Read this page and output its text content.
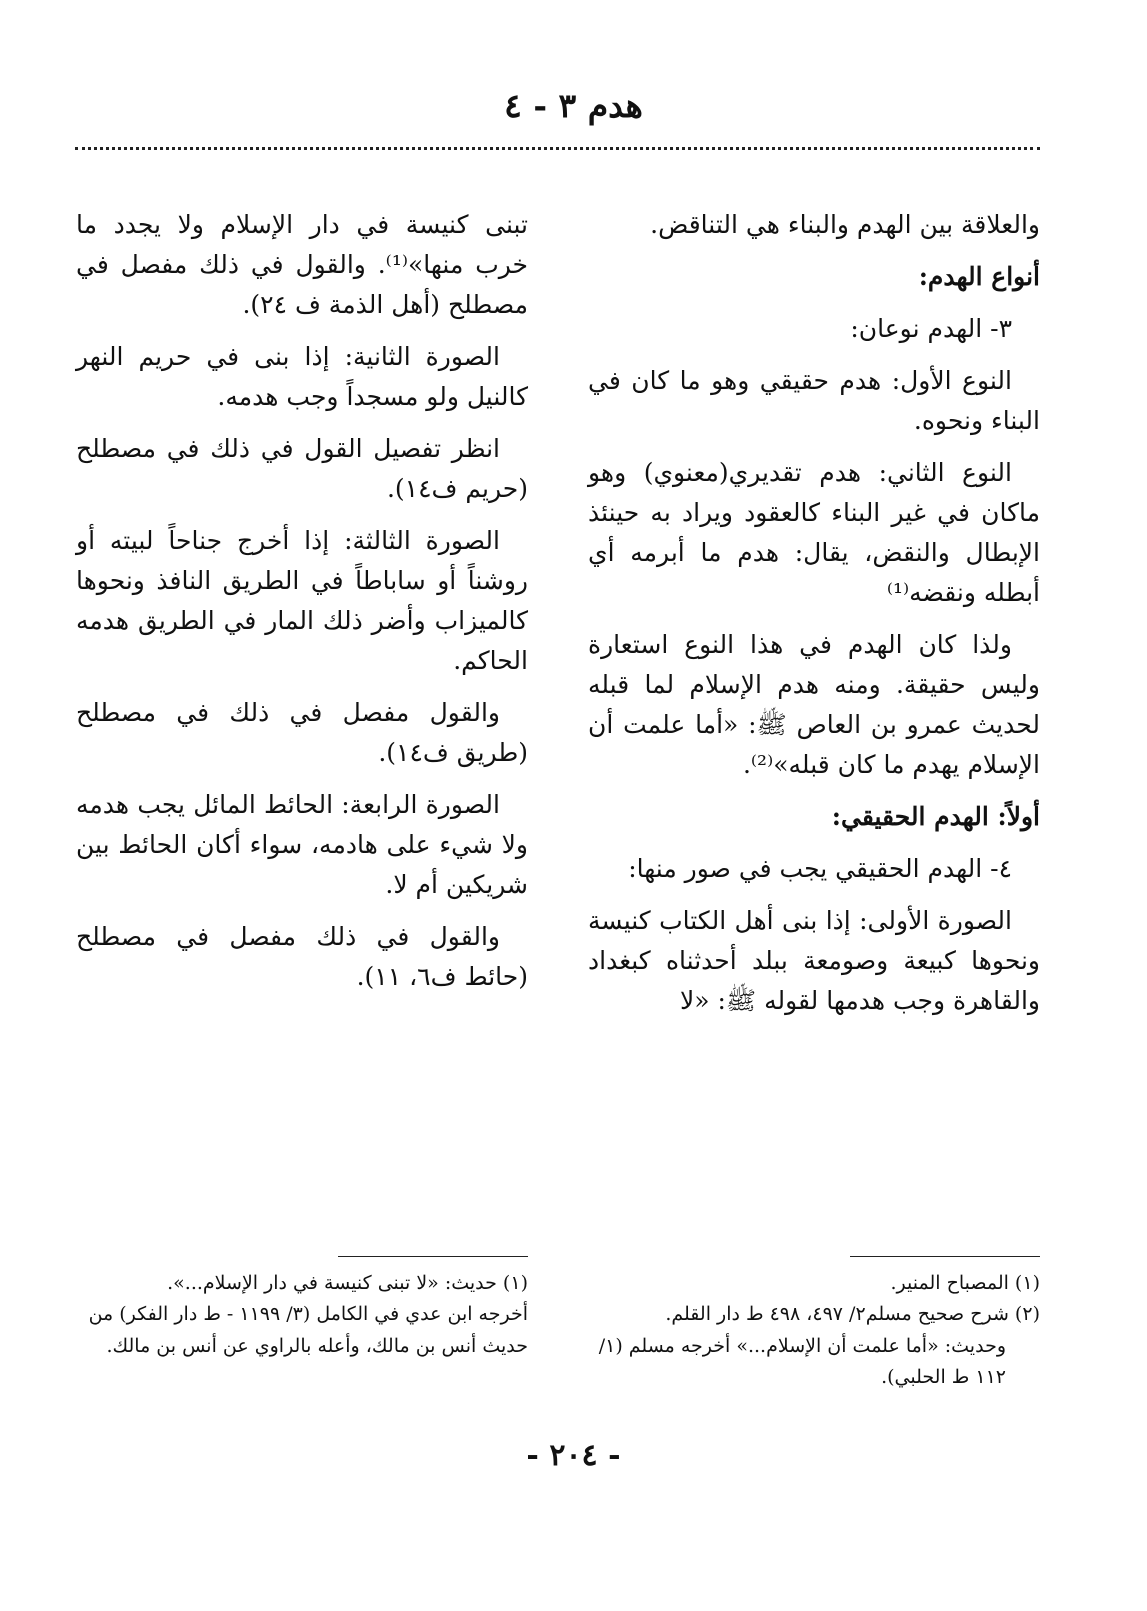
هدم ٣ - ٤

والعلاقة بين الهدم والبناء هي التناقض.

أنواع الهدم:

٣- الهدم نوعان:

النوع الأول: هدم حقيقي وهو ما كان في البناء ونحوه.

النوع الثاني: هدم تقديري(معنوي) وهو ماكان في غير البناء كالعقود ويراد به حينئذ الإبطال والنقض، يقال: هدم ما أبرمه أي أبطله ونقضه⁽¹⁾

ولذا كان الهدم في هذا النوع استعارة وليس حقيقة. ومنه هدم الإسلام لما قبله لحديث عمرو بن العاص ﷺ: «أما علمت أن الإسلام يهدم ما كان قبله»⁽²⁾.

أولاً: الهدم الحقيقي:

٤- الهدم الحقيقي يجب في صور منها:

الصورة الأولى: إذا بنى أهل الكتاب كنيسة ونحوها كبيعة وصومعة ببلد أحدثناه كبغداد والقاهرة وجب هدمها لقوله ﷺ: «لا

تبنى كنيسة في دار الإسلام ولا يجدد ما خرب منها»⁽¹⁾. والقول في ذلك مفصل في مصطلح (أهل الذمة ف ٢٤).

الصورة الثانية: إذا بنى في حريم النهر كالنيل ولو مسجداً وجب هدمه.

انظر تفصيل القول في ذلك في مصطلح (حريم ف١٤).

الصورة الثالثة: إذا أخرج جناحاً لبيته أو روشناً أو ساباطاً في الطريق النافذ ونحوها كالميزاب وأضر ذلك المار في الطريق هدمه الحاكم.

والقول مفصل في ذلك في مصطلح (طريق ف١٤).

الصورة الرابعة: الحائط المائل يجب هدمه ولا شيء على هادمه، سواء أكان الحائط بين شريكين أم لا.

والقول في ذلك مفصل في مصطلح (حائط ف٦، ١١).

(١) المصباح المنير.
(٢) شرح صحيح مسلم٢/ ٤٩٧، ٤٩٨ ط دار القلم.
وحديث: «أما علمت أن الإسلام...» أخرجه مسلم (١/ ١١٢ ط الحلبي).
(١) حديث: «لا تبنى كنيسة في دار الإسلام...».
أخرجه ابن عدي في الكامل (٣/ ١١٩٩ - ط دار الفكر) من حديث أنس بن مالك، وأعله بالراوي عن أنس بن مالك.
- ٢٠٤ -
